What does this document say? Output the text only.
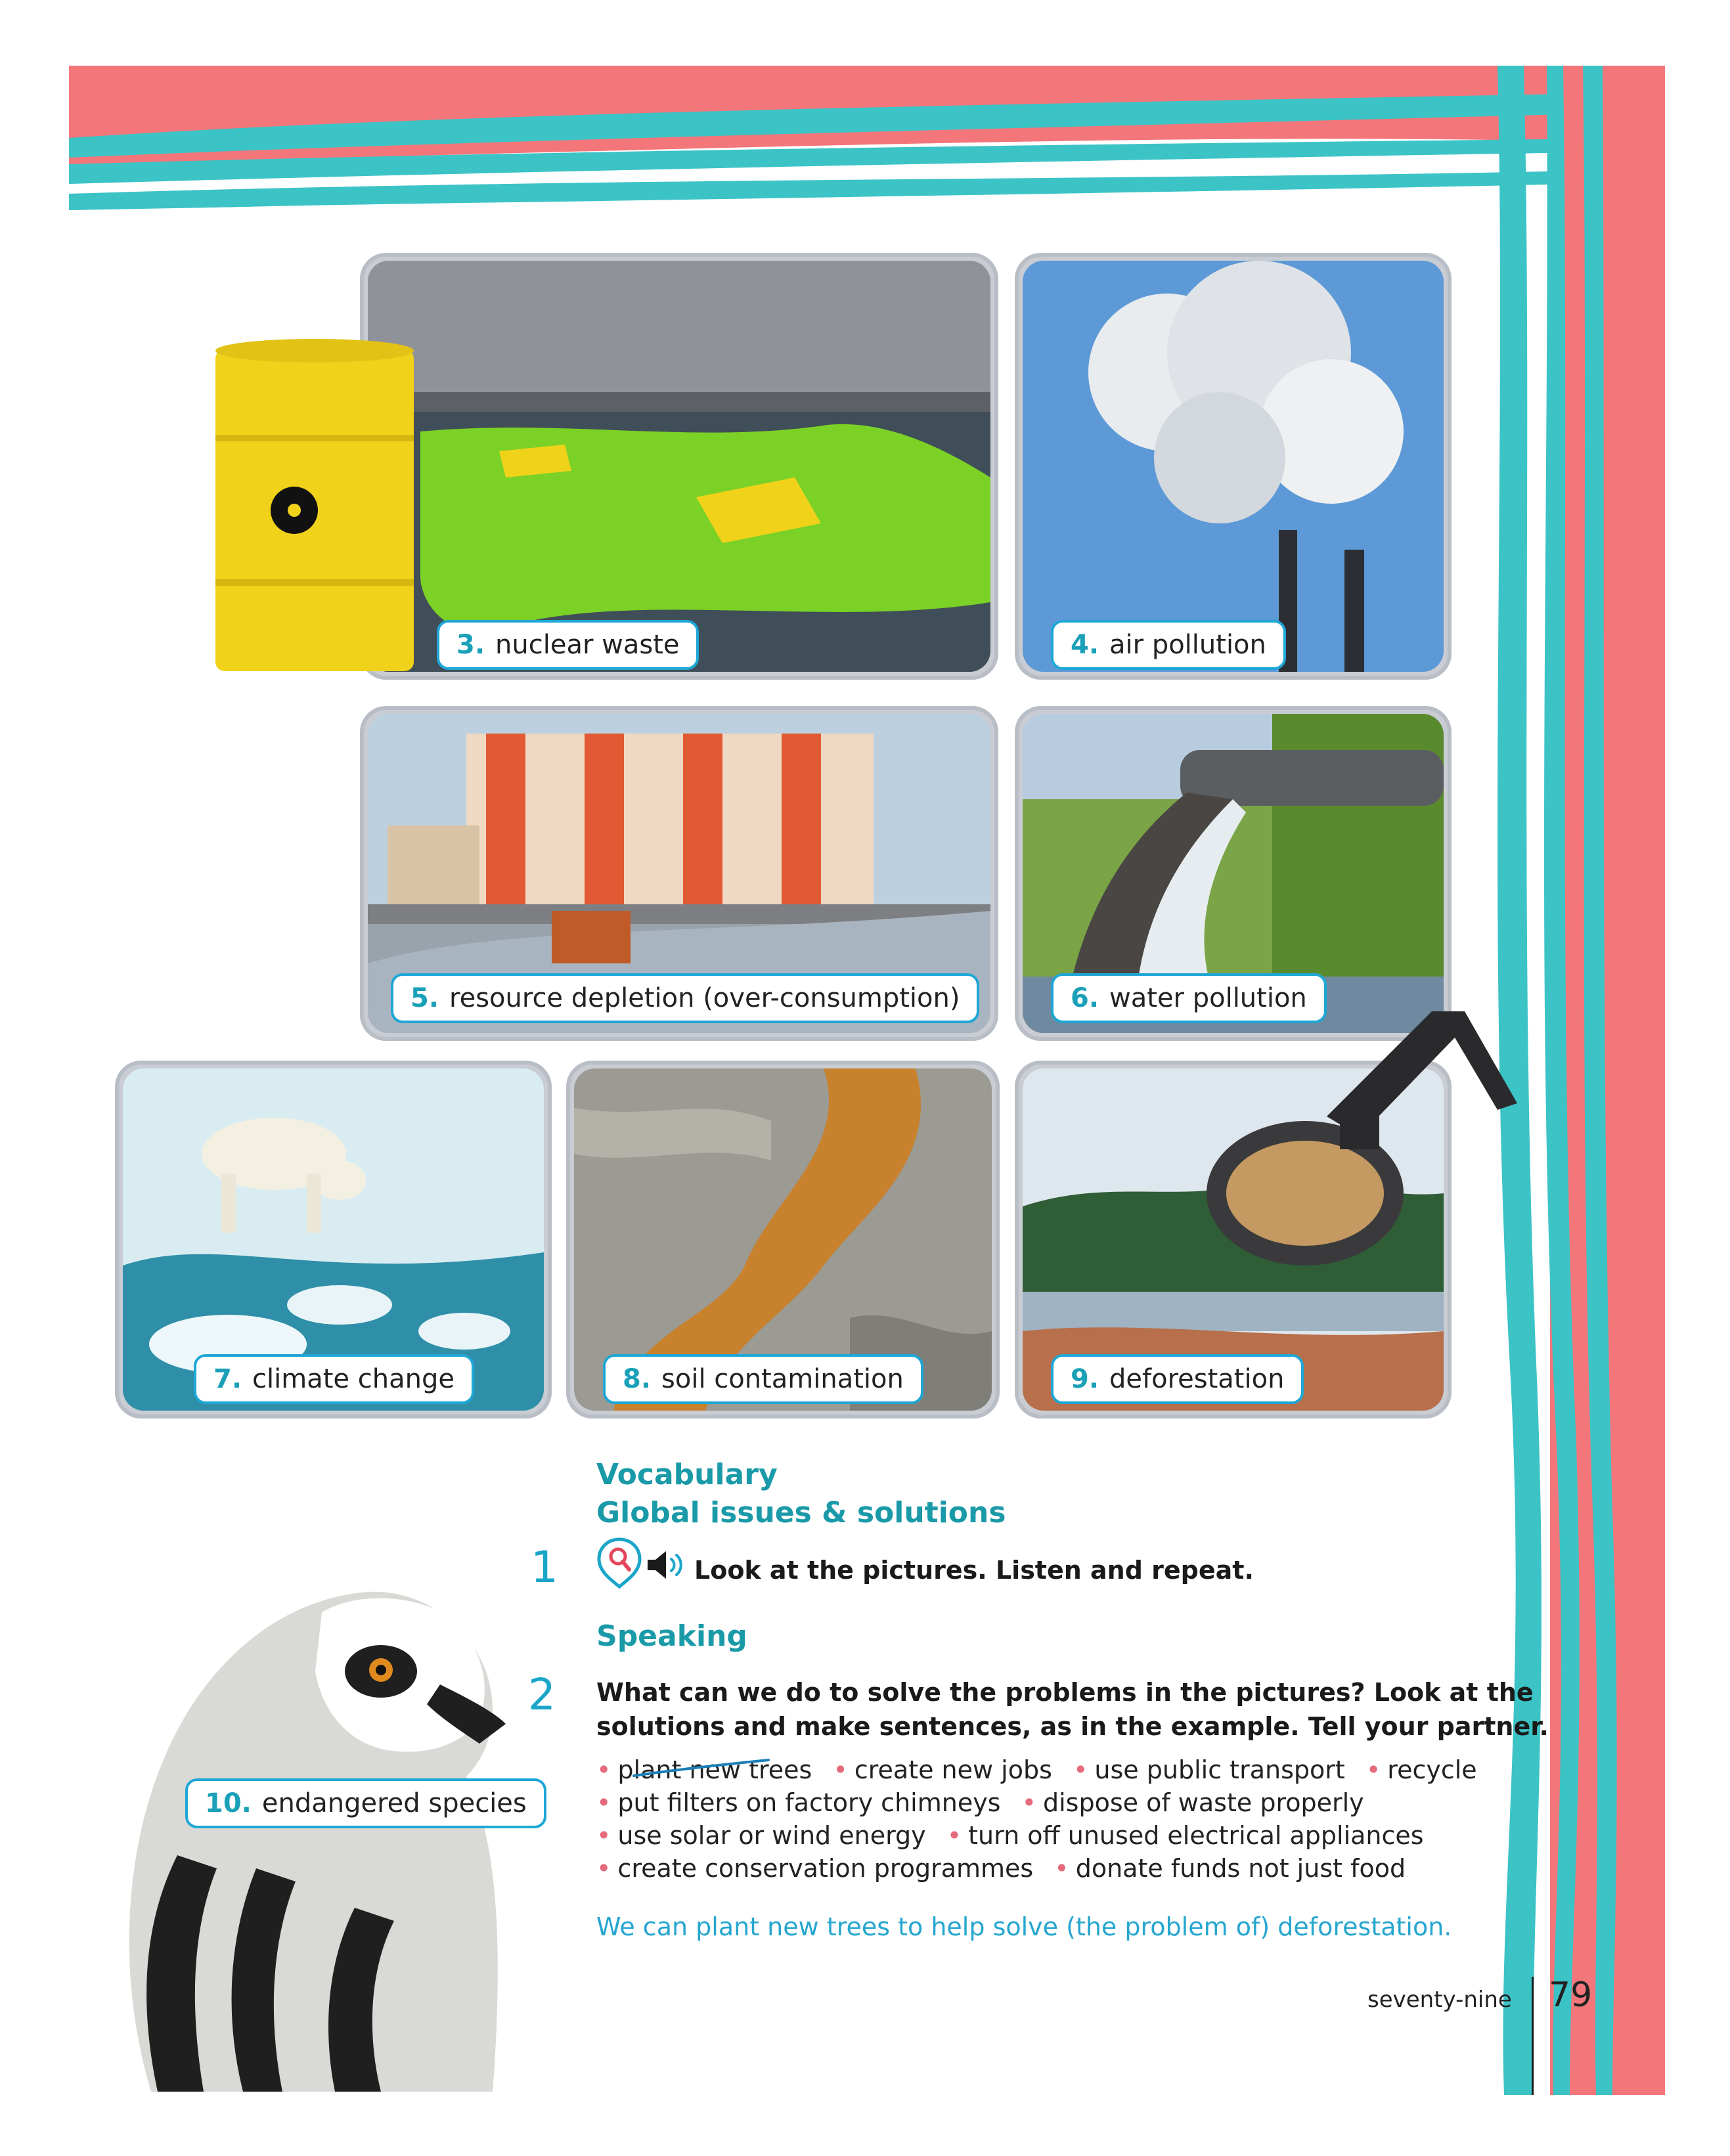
3. nuclear waste	4. air pollution
5. resource depletion (over-consumption)	6. water pollution
7. climate change	8. soil contamination	9. deforestation
10. endangered species
Vocabulary
Global issues & solutions
1	Look at the pictures. Listen and repeat.
Speaking
2 What can we do to solve the problems in the pictures? Look at the
solutions and make sentences, as in the example. Tell your partner.
• plant new trees • create new jobs • use public transport • recycle
• put filters on factory chimneys • dispose of waste properly
• use solar or wind energy • turn off unused electrical appliances
• create conservation programmes • donate funds not just food
We can plant new trees to help solve (the problem of) deforestation.
seventy-nine 79
